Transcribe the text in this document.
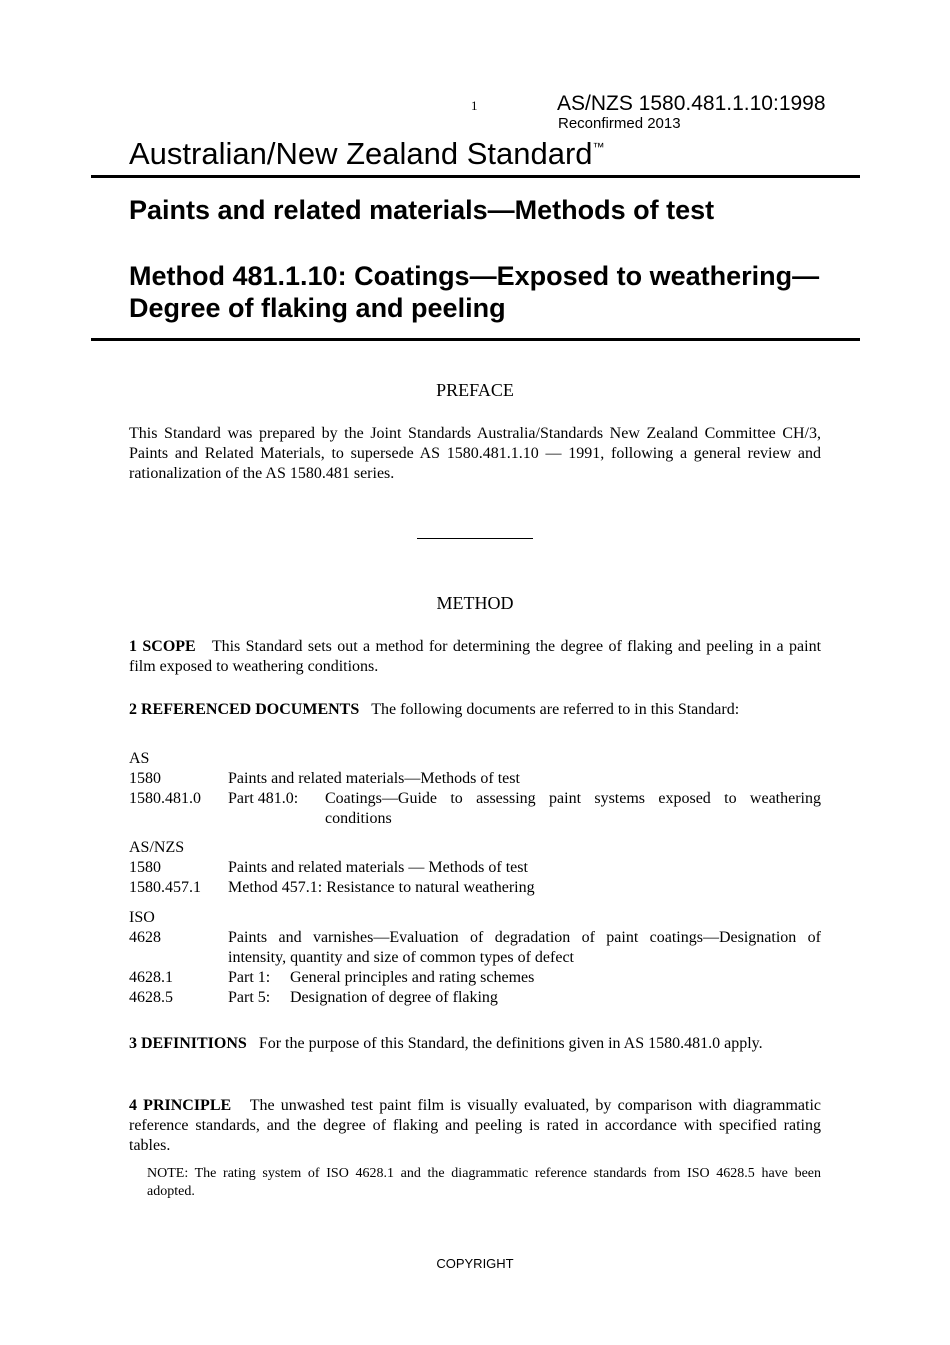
1	AS/NZS 1580.481.1.10:1998
Reconfirmed 2013
Australian/New Zealand Standard™
Paints and related materials—Methods of test
Method 481.1.10: Coatings—Exposed to weathering—Degree of flaking and peeling
PREFACE
This Standard was prepared by the Joint Standards Australia/Standards New Zealand Committee CH/3, Paints and Related Materials, to supersede AS 1580.481.1.10 — 1991, following a general review and rationalization of the AS 1580.481 series.
METHOD
1 SCOPE This Standard sets out a method for determining the degree of flaking and peeling in a paint film exposed to weathering conditions.
2 REFERENCED DOCUMENTS The following documents are referred to in this Standard:
AS
1580	Paints and related materials—Methods of test
1580.481.0	Part 481.0:	Coatings—Guide to assessing paint systems exposed to weathering conditions
AS/NZS
1580	Paints and related materials — Methods of test
1580.457.1	Method 457.1: Resistance to natural weathering
ISO
4628	Paints and varnishes—Evaluation of degradation of paint coatings—Designation of intensity, quantity and size of common types of defect
4628.1	Part 1:	General principles and rating schemes
4628.5	Part 5:	Designation of degree of flaking
3 DEFINITIONS For the purpose of this Standard, the definitions given in AS 1580.481.0 apply.
4 PRINCIPLE The unwashed test paint film is visually evaluated, by comparison with diagrammatic reference standards, and the degree of flaking and peeling is rated in accordance with specified rating tables.
NOTE: The rating system of ISO 4628.1 and the diagrammatic reference standards from ISO 4628.5 have been adopted.
COPYRIGHT
